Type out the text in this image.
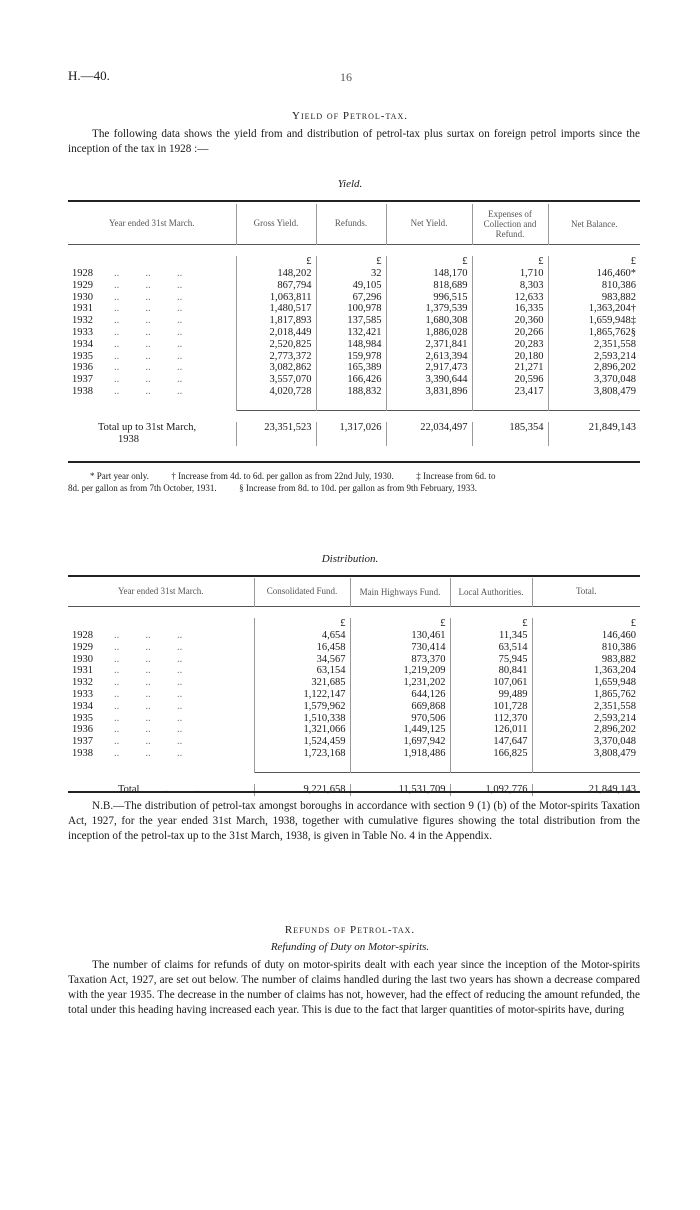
H.—40.	16
Yield of Petrol-tax.
The following data shows the yield from and distribution of petrol-tax plus surtax on foreign petrol imports since the inception of the tax in 1928 :—
Yield.
Year ended 31st March.	Gross Yield.	Refunds.	Net Yield.	Expenses of Collection and Refund.	Net Balance.

	£	£	£	£	£
1928        ..          ..          ..	148,202	32	148,170	1,710	146,460*
1929        ..          ..          ..	867,794	49,105	818,689	8,303	810,386
1930        ..          ..          ..	1,063,811	67,296	996,515	12,633	983,882
1931        ..          ..          ..	1,480,517	100,978	1,379,539	16,335	1,363,204†
1932        ..          ..          ..	1,817,893	137,585	1,680,308	20,360	1,659,948‡
1933        ..          ..          ..	2,018,449	132,421	1,886,028	20,266	1,865,762§
1934        ..          ..          ..	2,520,825	148,984	2,371,841	20,283	2,351,558
1935        ..          ..          ..	2,773,372	159,978	2,613,394	20,180	2,593,214
1936        ..          ..          ..	3,082,862	165,389	2,917,473	21,271	2,896,202
1937        ..          ..          ..	3,557,070	166,426	3,390,644	20,596	3,370,048
1938        ..          ..          ..	4,020,728	188,832	3,831,896	23,417	3,808,479

Total up to 31st March,	23,351,523	1,317,026	22,034,497	185,354	21,849,143
1938					
* Part year only.          † Increase from 4d. to 6d. per gallon as from 22nd July, 1930.          ‡ Increase from 6d. to
8d. per gallon as from 7th October, 1931.          § Increase from 8d. to 10d. per gallon as from 9th February, 1933.
Distribution.
Year ended 31st March.	Consolidated Fund.	Main Highways Fund.	Local Authorities.	Total.

	£	£	£	£
1928        ..          ..          ..	4,654	130,461	11,345	146,460
1929        ..          ..          ..	16,458	730,414	63,514	810,386
1930        ..          ..          ..	34,567	873,370	75,945	983,882
1931        ..          ..          ..	63,154	1,219,209	80,841	1,363,204
1932        ..          ..          ..	321,685	1,231,202	107,061	1,659,948
1933        ..          ..          ..	1,122,147	644,126	99,489	1,865,762
1934        ..          ..          ..	1,579,962	669,868	101,728	2,351,558
1935        ..          ..          ..	1,510,338	970,506	112,370	2,593,214
1936        ..          ..          ..	1,321,066	1,449,125	126,011	2,896,202
1937        ..          ..          ..	1,524,459	1,697,942	147,647	3,370,048
1938        ..          ..          ..	1,723,168	1,918,486	166,825	3,808,479

Total         ..          ..	9,221,658	11,531,709	1,092,776	21,849,143
N.B.—The distribution of petrol-tax amongst boroughs in accordance with section 9 (1) (b) of the Motor-spirits Taxation Act, 1927, for the year ended 31st March, 1938, together with cumulative figures showing the total distribution from the inception of the petrol-tax up to the 31st March, 1938, is given in Table No. 4 in the Appendix.
Refunds of Petrol-tax.
Refunding of Duty on Motor-spirits.
The number of claims for refunds of duty on motor-spirits dealt with each year since the inception of the Motor-spirits Taxation Act, 1927, are set out below. The number of claims handled during the last two years has shown a decrease compared with the year 1935. The decrease in the number of claims has not, however, had the effect of reducing the amount refunded, the total under this heading having increased each year. This is due to the fact that larger quantities of motor-spirits have, during
